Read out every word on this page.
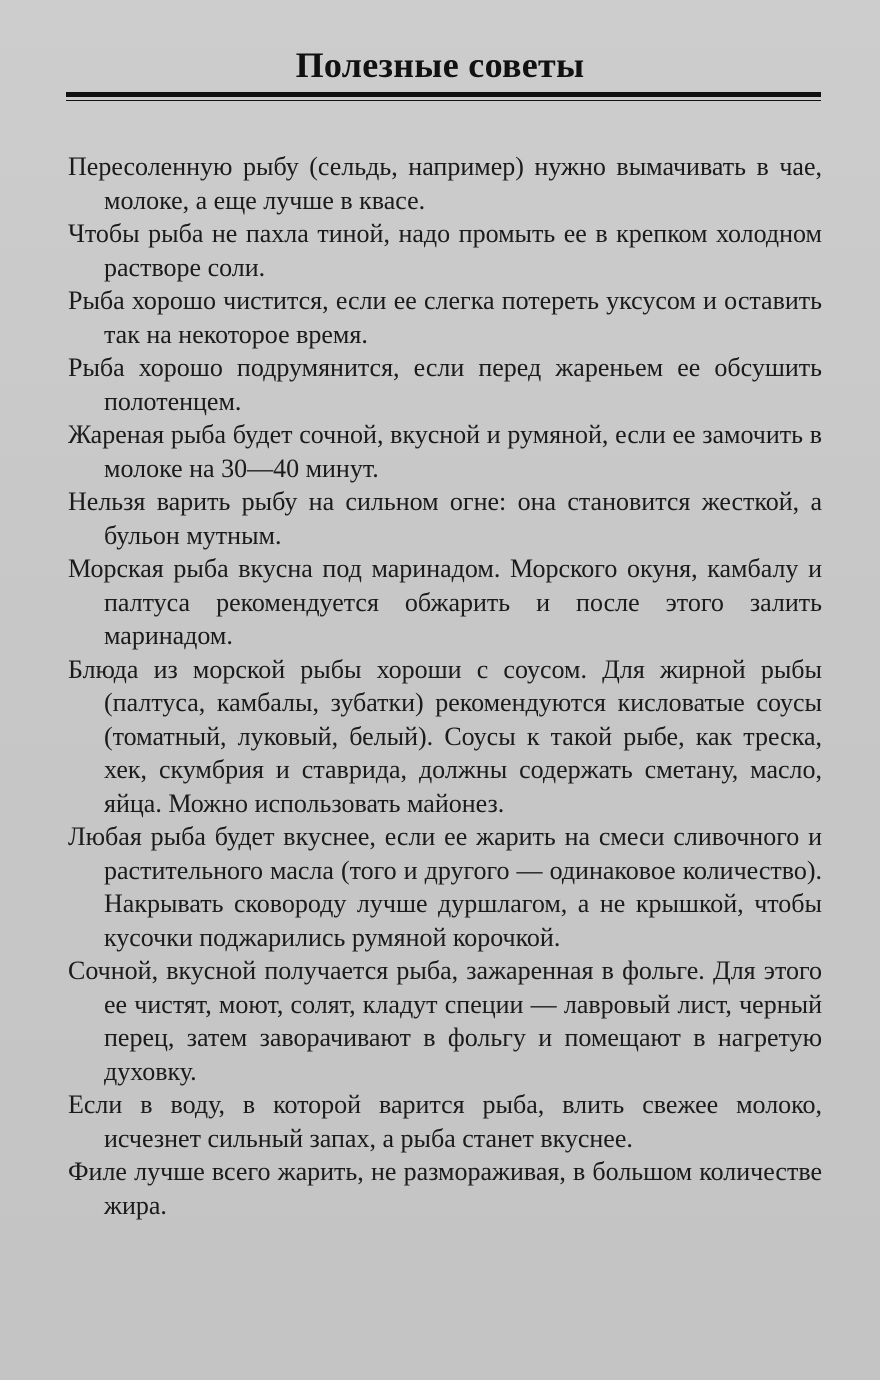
Полезные советы
Пересоленную рыбу (сельдь, например) нужно вымачивать в чае, молоке, а еще лучше в квасе.
Чтобы рыба не пахла тиной, надо промыть ее в крепком холодном растворе соли.
Рыба хорошо чистится, если ее слегка потереть уксусом и оставить так на некоторое время.
Рыба хорошо подрумянится, если перед жареньем ее обсушить полотенцем.
Жареная рыба будет сочной, вкусной и румяной, если ее замочить в молоке на 30—40 минут.
Нельзя варить рыбу на сильном огне: она становится жесткой, а бульон мутным.
Морская рыба вкусна под маринадом. Морского окуня, камбалу и палтуса рекомендуется обжарить и после этого залить маринадом.
Блюда из морской рыбы хороши с соусом. Для жирной рыбы (палтуса, камбалы, зубатки) рекомендуются кисловатые соусы (томатный, луковый, белый). Соусы к такой рыбе, как треска, хек, скумбрия и ставрида, должны содержать сметану, масло, яйца. Можно использовать майонез.
Любая рыба будет вкуснее, если ее жарить на смеси сливочного и растительного масла (того и другого — одинаковое количество). Накрывать сковороду лучше дуршлагом, а не крышкой, чтобы кусочки поджарились румяной корочкой.
Сочной, вкусной получается рыба, зажаренная в фольге. Для этого ее чистят, моют, солят, кладут специи — лавровый лист, черный перец, затем заворачивают в фольгу и помещают в нагретую духовку.
Если в воду, в которой варится рыба, влить свежее молоко, исчезнет сильный запах, а рыба станет вкуснее.
Филе лучше всего жарить, не размораживая, в большом количестве жира.
